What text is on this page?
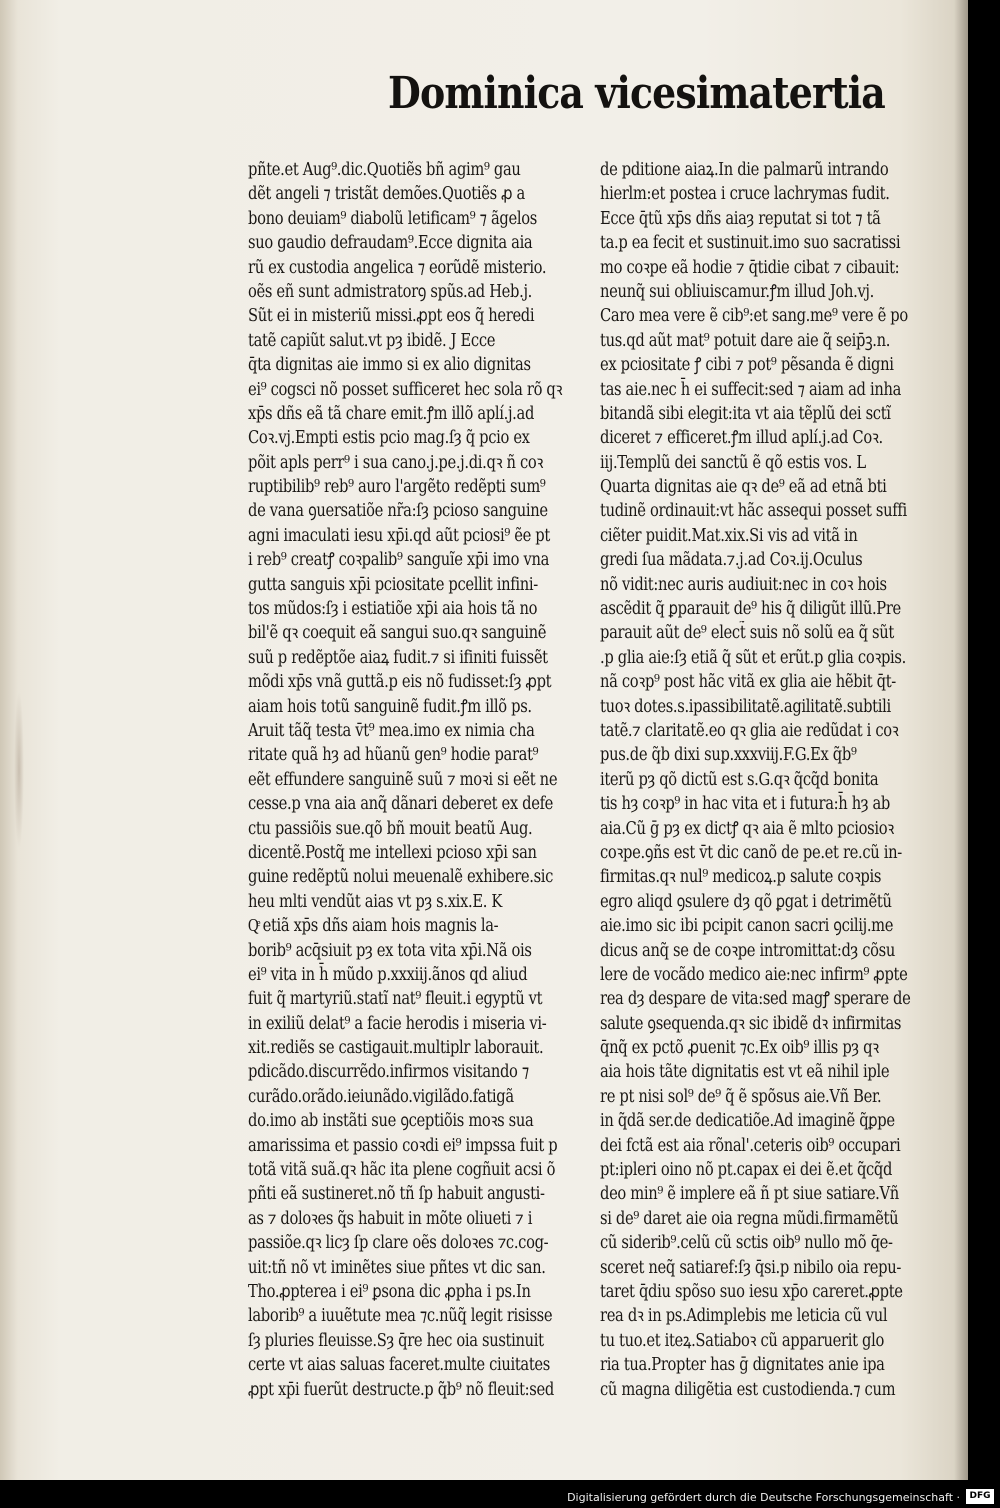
Dominica vicesimatertia
pñte.et Aug⁹.dic.Quotiẽs bñ agim⁹ gau
dẽt angeli ⁊ tristãt demões.Quotiẽs ꝓ a
bono deuiam⁹ diabolũ letificam⁹ ⁊ ãgelos
suo gaudio defraudam⁹.Ecce dignita aia
rũ ex custodia angelica ⁊ eorũdẽ misterio.
oẽs eñ sunt admistratorꝯ spũs.ad Heb.j.
Sũt ei in misteriũ missi.ꝓpt eos q̃ heredi
tatẽ capiũt salut.vt pȝ ibidẽ. J Ecce
q̄ta dignitas aie immo si ex alio dignitas
ei⁹ cogsci nõ posset sufficeret hec sola rõ qꝛ
xp̄s dñs eã tã chare emit.ꝭm illõ aplí.j.ad
Coꝛ.vj.Empti estis pcio mag.ſȝ q̃ pcio ex
põit apls perr⁹ i sua cano.j.pe.j.di.qꝛ ñ coꝛ
ruptibilib⁹ reb⁹ auro l'argẽto redẽpti sum⁹
de vana ꝯuersatiõe nr̃a:ſȝ pcioso sanguine
agni imaculati iesu xp̄i.qd aũt pciosi⁹ ẽe pt
i reb⁹ creatꝭ coꝛpalib⁹ sanguĩe xp̄i imo vna
gutta sanguis xp̄i pciositate pcellit infini-
tos mũdos:ſȝ i estiatiõe xp̄i aia hois tã no
bil'ẽ qꝛ coequit eã sangui suo.qꝛ sanguinẽ
suũ p redẽptõe aiaꝝ fudit.⁊ si ifiniti fuissẽt
mõdi xp̄s vnã guttã.p eis nõ fudisset:ſȝ ꝓpt
aiam hois totũ sanguinẽ fudit.ꝭm illõ ps.
Aruit tãq̃ testa v̄t⁹ mea.imo ex nimia cha
ritate quã hȝ ad hũanũ gen⁹ hodie parat⁹
eẽt effundere sanguinẽ suũ ⁊ moꝛi si eẽt ne
cesse.p vna aia anq̃ dãnari deberet ex defe
ctu passiõis sue.qõ bñ mouit beatũ Aug.
dicentẽ.Postq̃ me intellexi pcioso xp̄i san
guine redẽptũ nolui meuenalẽ exhibere.sic
heu mlti vendũt aias vt pȝ s.xix.E. K
Qͤ etiã xp̄s dñs aiam hois magnis la-
borib⁹ acq̄siuit pȝ ex tota vita xp̄i.Nã ois
ei⁹ vita in h̄ mũdo p.xxxiij.ãnos qd aliud
fuit q̃ martyriũ.statĩ nat⁹ fleuit.i egyptũ vt
in exiliũ delat⁹ a facie herodis i miseria vi-
xit.rediẽs se castigauit.multiplr laborauit.
pdicãdo.discurrẽdo.infirmos visitando ⁊
curãdo.orãdo.ieiunãdo.vigilãdo.fatigã
do.imo ab instãti sue ꝯceptiõis moꝛs sua
amarissima et passio coꝛdi ei⁹ impssa fuit p
totã vitã suã.qꝛ hãc ita plene cogñuit acsi õ
pñti eã sustineret.nõ tñ ſp habuit angusti-
as ⁊ doloꝛes q̃s habuit in mõte oliueti ⁊ i
passiõe.qꝛ licȝ ſp clare oẽs doloꝛes ⁊c.cog-
uit:tñ nõ vt iminẽtes siue pñtes vt dic san.
Tho.ꝓpterea i ei⁹ ꝑsona dic ꝓpha i ps.In
laborib⁹ a iuuẽtute mea ⁊c.nũq̃ legit risisse
ſȝ pluries fleuisse.Sȝ q̄re hec oia sustinuit
certe vt aias saluas faceret.multe ciuitates
ꝓpt xp̄i fuerũt destructe.p q̃b⁹ nõ fleuit:sed
de pditione aiaꝝ.In die palmarũ intrando
hierlm:et postea i cruce lachrymas fudit.
Ecce q̄tũ xp̄s dñs aiaȝ reputat si tot ⁊ tã
ta.p ea fecit et sustinuit.imo suo sacratissi
mo coꝛpe eã hodie ⁊ q̄tidie cibat ⁊ cibauit:
neunq̃ sui obliuiscamur.ꝭm illud Joh.vj.
Caro mea vere ẽ cib⁹:et sang.me⁹ vere ẽ po
tus.qd aũt mat⁹ potuit dare aie q̃ seip̄ꝫ.n.
ex pciositate ꝭ cibi ⁊ pot⁹ pẽsanda ẽ digni
tas aie.nec h̄ ei suffecit:sed ⁊ aiam ad inha
bitandã sibi elegit:ita vt aia tẽplũ dei sctĩ
diceret ⁊ efficeret.ꝭm illud aplí.j.ad Coꝛ.
iij.Templũ dei sanctũ ẽ qõ estis vos. L
Quarta dignitas aie qꝛ de⁹ eã ad etnã bti
tudinẽ ordinauit:vt hãc assequi posset suffi
ciẽter puidit.Mat.xix.Si vis ad vitã in
gredi ſua mãdata.⁊.j.ad Coꝛ.ij.Oculus
nõ vidit:nec auris audiuit:nec in coꝛ hois
ascẽdit q̃ ꝑparauit de⁹ his q̃ diligũt illũ.Pre
parauit aũt de⁹ elect̃ suis nõ solũ ea q̃ sũt
.p glia aie:ſȝ etiã q̃ sũt et erũt.p glia coꝛpis.
nã coꝛp⁹ post hãc vitã ex glia aie hẽbit q̄t-
tuoꝛ dotes.s.ipassibilitatẽ.agilitatẽ.subtili
tatẽ.⁊ claritatẽ.eo qꝛ glia aie redũdat i coꝛ
pus.de q̃b dixi sup.xxxviij.F.G.Ex q̃b⁹
iterũ pȝ qõ dictũ est s.G.qꝛ q̃cq̃d bonita
tis hȝ coꝛp⁹ in hac vita et i futura:h̄ hȝ ab
aia.Cũ ḡ pȝ ex dictꝭ qꝛ aia ẽ mlto pciosioꝛ
coꝛpe.ꝯñs est v̄t dic canõ de pe.et re.cũ in-
firmitas.qꝛ nul⁹ medicoꝝ.p salute coꝛpis
egro aliqd ꝯsulere dȝ qõ ꝑgat i detrimẽtũ
aie.imo sic ibi pcipit canon sacri ꝯcilij.me
dicus anq̃ se de coꝛpe intromittat:dȝ cõsu
lere de vocãdo medico aie:nec infirm⁹ ꝓpte
rea dȝ despare de vita:sed magꝭ sperare de
salute ꝯsequenda.qꝛ sic ibidẽ dꝛ infirmitas
q̄nq̃ ex pctõ ꝓuenit ⁊c.Ex oib⁹ illis pȝ qꝛ
aia hois tãte dignitatis est vt eã nihil iple
re pt nisi sol⁹ de⁹ q̃ ẽ spõsus aie.Vñ Ber.
in q̃dã ser.de dedicatiõe.Ad imaginẽ q̃ꝑpe
dei fctã est aia rõnal'.ceteris oib⁹ occupari
pt:ipleri oino nõ pt.capax ei dei ẽ.et q̃cq̃d
deo min⁹ ẽ implere eã ñ pt siue satiare.Vñ
si de⁹ daret aie oia regna mũdi.firmamẽtũ
cũ siderib⁹.celũ cũ sctis oib⁹ nullo mõ q̄e-
sceret neq̃ satiaref:ſȝ q̄si.p nibilo oia repu-
taret q̄diu spõso suo iesu xp̄o careret.ꝓpte
rea dꝛ in ps.Adimplebis me leticia cũ vul
tu tuo.et iteꝝ.Satiaboꝛ cũ apparuerit glo
ria tua.Propter has ḡ dignitates anie ipa
cũ magna diligẽtia est custodienda.⁊ cum
Digitalisierung gefördert durch die Deutsche Forschungsgemeinschaft ·	DFG
